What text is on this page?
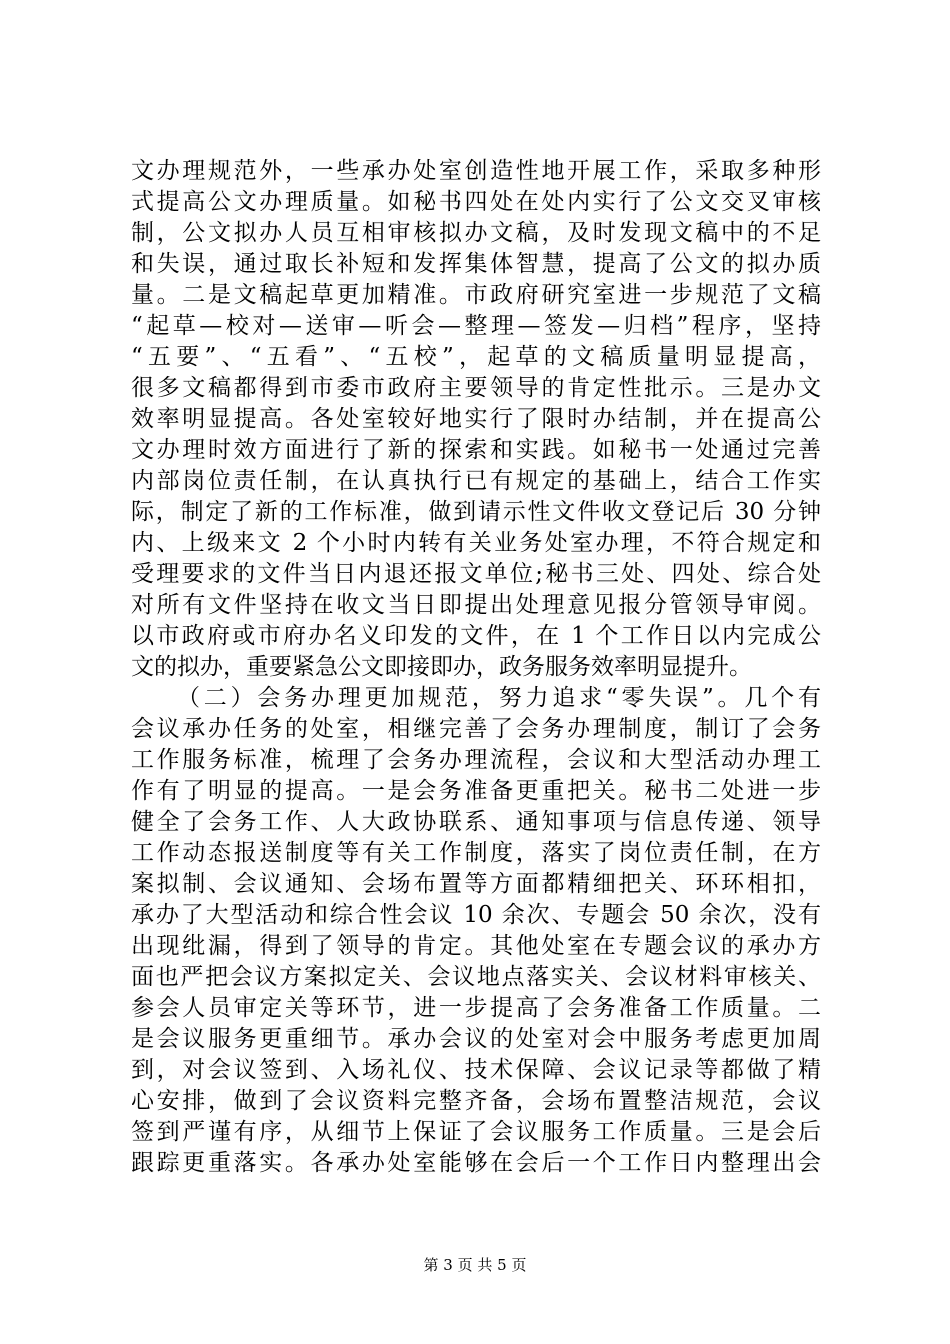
文办理规范外，一些承办处室创造性地开展工作，采取多种形
式提高公文办理质量。如秘书四处在处内实行了公文交叉审核
制，公文拟办人员互相审核拟办文稿，及时发现文稿中的不足
和失误，通过取长补短和发挥集体智慧，提高了公文的拟办质
量。二是文稿起草更加精准。市政府研究室进一步规范了文稿
“起草—校对—送审—听会—整理—签发—归档”程序，坚持
“五要”、“五看”、“五校”，起草的文稿质量明显提高，
很多文稿都得到市委市政府主要领导的肯定性批示。三是办文
效率明显提高。各处室较好地实行了限时办结制，并在提高公
文办理时效方面进行了新的探索和实践。如秘书一处通过完善
内部岗位责任制，在认真执行已有规定的基础上，结合工作实
际，制定了新的工作标准，做到请示性文件收文登记后 30 分钟
内、上级来文 2 个小时内转有关业务处室办理，不符合规定和
受理要求的文件当日内退还报文单位;秘书三处、四处、综合处
对所有文件坚持在收文当日即提出处理意见报分管领导审阅。
以市政府或市府办名义印发的文件，在 1 个工作日以内完成公
文的拟办，重要紧急公文即接即办，政务服务效率明显提升。
（二）会务办理更加规范，努力追求“零失误”。几个有
会议承办任务的处室，相继完善了会务办理制度，制订了会务
工作服务标准，梳理了会务办理流程，会议和大型活动办理工
作有了明显的提高。一是会务准备更重把关。秘书二处进一步
健全了会务工作、人大政协联系、通知事项与信息传递、领导
工作动态报送制度等有关工作制度，落实了岗位责任制，在方
案拟制、会议通知、会场布置等方面都精细把关、环环相扣，
承办了大型活动和综合性会议 10 余次、专题会 50 余次，没有
出现纰漏，得到了领导的肯定。其他处室在专题会议的承办方
面也严把会议方案拟定关、会议地点落实关、会议材料审核关、
参会人员审定关等环节，进一步提高了会务准备工作质量。二
是会议服务更重细节。承办会议的处室对会中服务考虑更加周
到，对会议签到、入场礼仪、技术保障、会议记录等都做了精
心安排，做到了会议资料完整齐备，会场布置整洁规范，会议
签到严谨有序，从细节上保证了会议服务工作质量。三是会后
跟踪更重落实。各承办处室能够在会后一个工作日内整理出会
第 3 页 共 5 页
